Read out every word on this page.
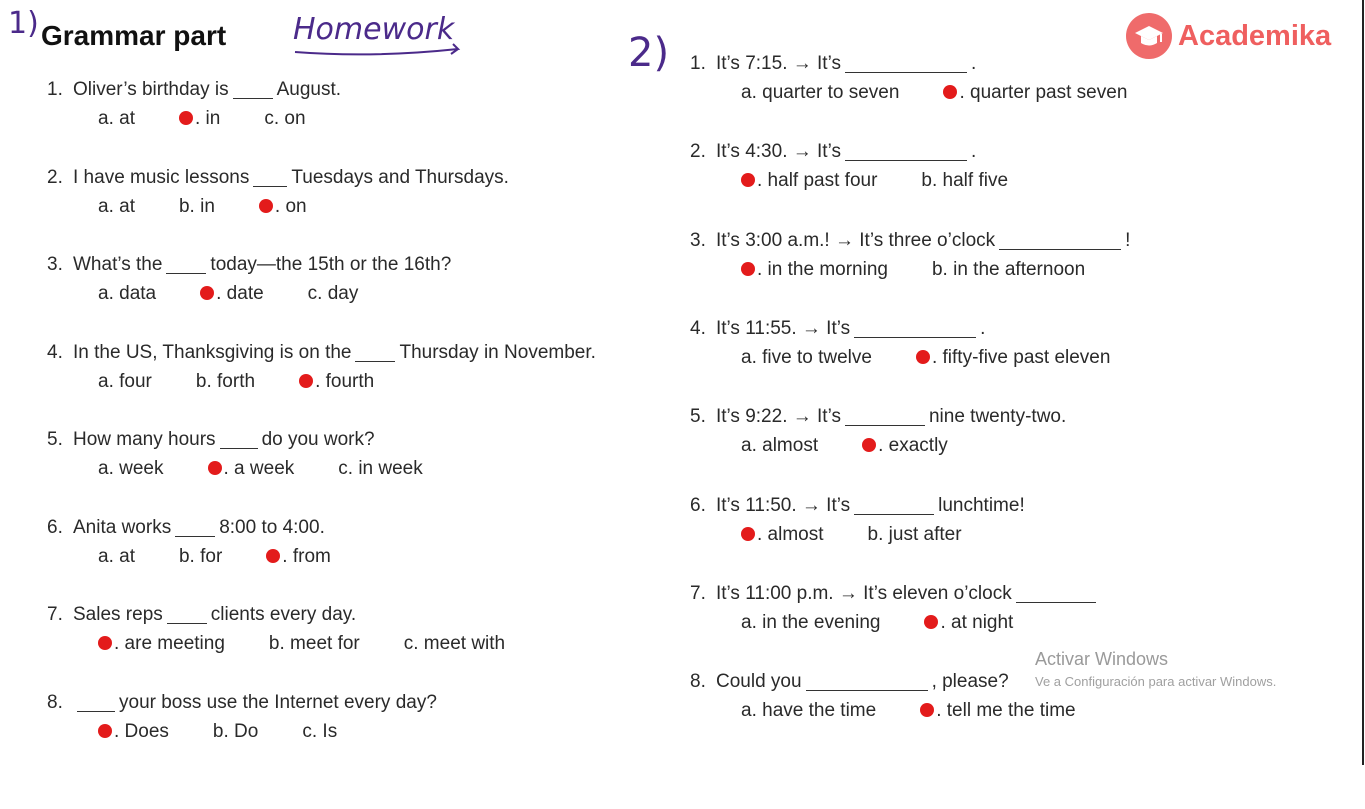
1) Grammar part Homework
2)	Academika
1. Oliver’s birthday is	August.
a. at	. in c. on
2. I have music lessons Tuesdays and Thursdays.
a. at b. in	. on
3. What’s the	today—the 15th or the 16th?
a. data	. date c. day
4. In the US, Thanksgiving is on the	Thursday in November.
a. four b. forth	. fourth
5. How many hours do you work?
a. week	. a week c. in week
6. Anita works	8:00 to 4:00.
a. at b. for	. from
7. Sales reps	clients every day.
. are meeting b. meet for c. meet with
8.	your boss use the Internet every day?
. Does b. Do c. Is
1. It’s 7:15. → It’s	.
a. quarter to seven	. quarter past seven
2. It’s 4:30. → It’s	.
. half past four b. half five
3. It’s 3:00 a.m.! → It’s three o’clock	!
. in the morning b. in the afternoon
4. It’s 11:55. → It’s	.
a. five to twelve	. fifty-five past eleven
5. It’s 9:22. → It’s	nine twenty-two.
a. almost	. exactly
6. It’s 11:50. → It’s	lunchtime!
. almost b. just after
7. It’s 11:00 p.m. → It’s eleven o’clock
a. in the evening	. at night
8. Could you	, please?
a. have the time	. tell me the time
Activar Windows
Ve a Configuración para activar Windows.
